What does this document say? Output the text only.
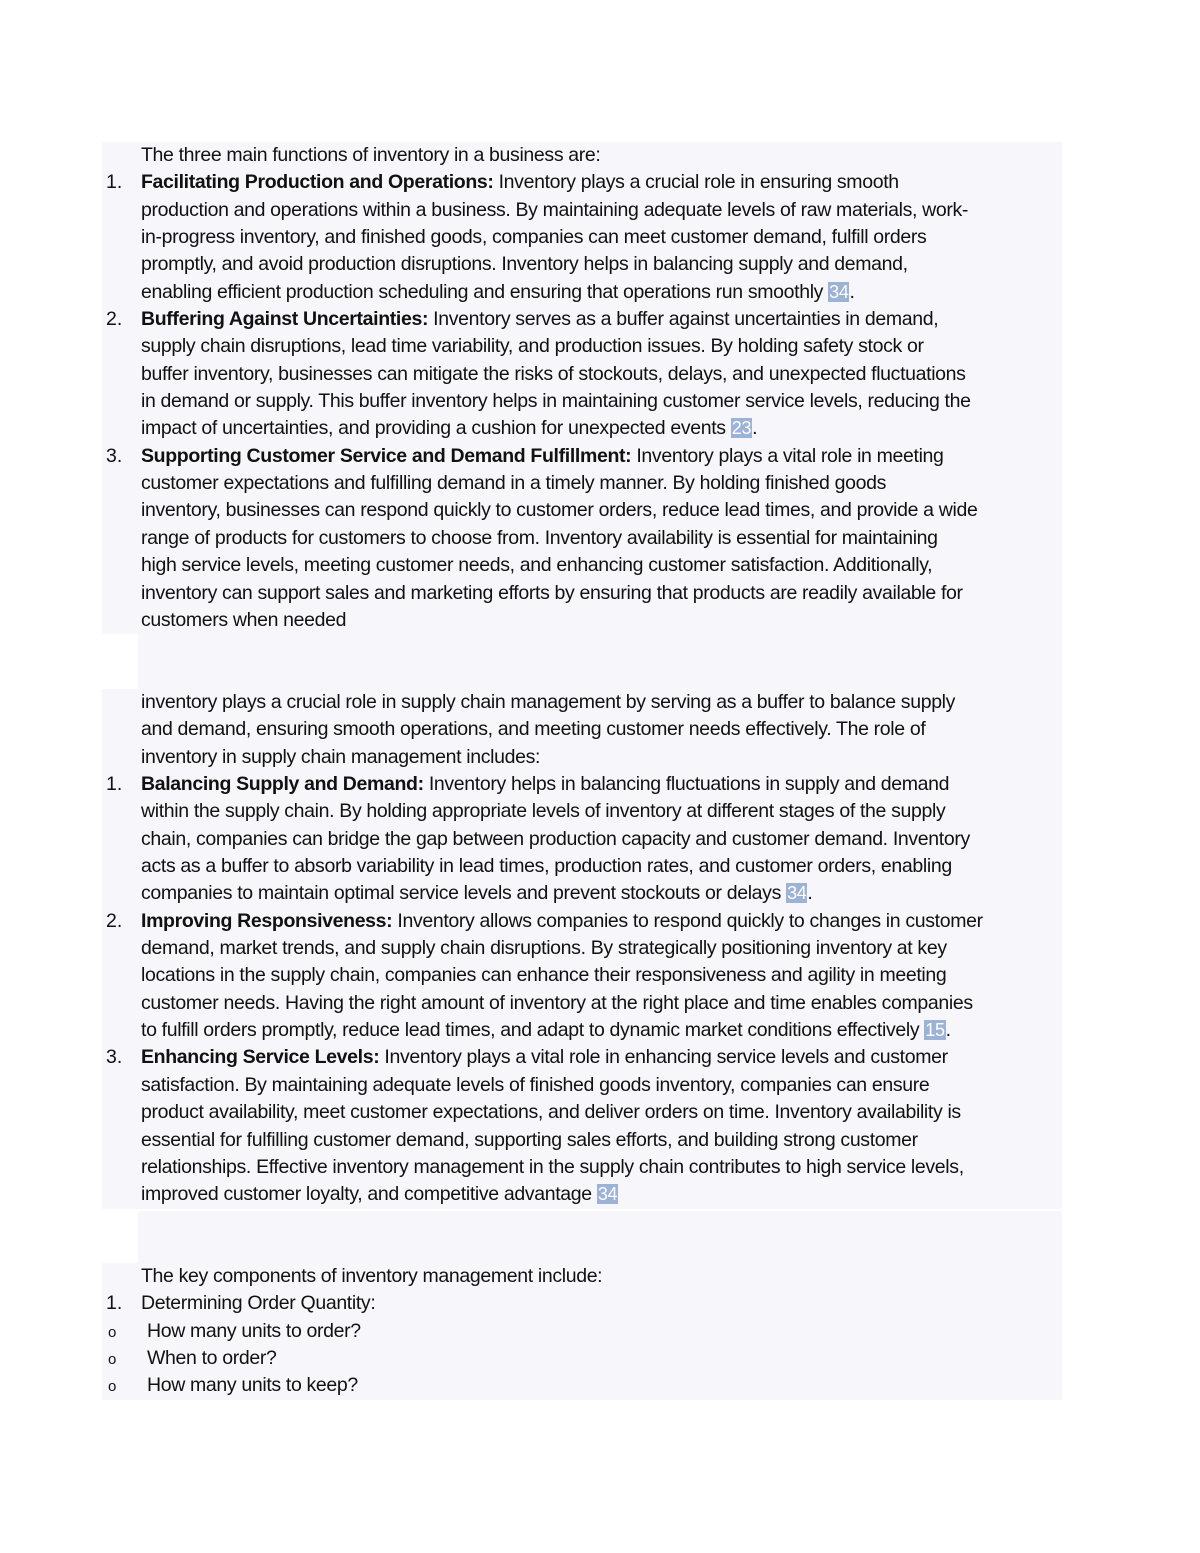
The three main functions of inventory in a business are:
1. Facilitating Production and Operations: Inventory plays a crucial role in ensuring smooth
production and operations within a business. By maintaining adequate levels of raw materials, work-
in-progress inventory, and finished goods, companies can meet customer demand, fulfill orders
promptly, and avoid production disruptions. Inventory helps in balancing supply and demand,
enabling efficient production scheduling and ensuring that operations run smoothly 34.
2. Buffering Against Uncertainties: Inventory serves as a buffer against uncertainties in demand,
supply chain disruptions, lead time variability, and production issues. By holding safety stock or
buffer inventory, businesses can mitigate the risks of stockouts, delays, and unexpected fluctuations
in demand or supply. This buffer inventory helps in maintaining customer service levels, reducing the
impact of uncertainties, and providing a cushion for unexpected events 23.
3. Supporting Customer Service and Demand Fulfillment: Inventory plays a vital role in meeting
customer expectations and fulfilling demand in a timely manner. By holding finished goods
inventory, businesses can respond quickly to customer orders, reduce lead times, and provide a wide
range of products for customers to choose from. Inventory availability is essential for maintaining
high service levels, meeting customer needs, and enhancing customer satisfaction. Additionally,
inventory can support sales and marketing efforts by ensuring that products are readily available for
customers when needed
inventory plays a crucial role in supply chain management by serving as a buffer to balance supply
and demand, ensuring smooth operations, and meeting customer needs effectively. The role of
inventory in supply chain management includes:
1. Balancing Supply and Demand: Inventory helps in balancing fluctuations in supply and demand
within the supply chain. By holding appropriate levels of inventory at different stages of the supply
chain, companies can bridge the gap between production capacity and customer demand. Inventory
acts as a buffer to absorb variability in lead times, production rates, and customer orders, enabling
companies to maintain optimal service levels and prevent stockouts or delays 34.
2. Improving Responsiveness: Inventory allows companies to respond quickly to changes in customer
demand, market trends, and supply chain disruptions. By strategically positioning inventory at key
locations in the supply chain, companies can enhance their responsiveness and agility in meeting
customer needs. Having the right amount of inventory at the right place and time enables companies
to fulfill orders promptly, reduce lead times, and adapt to dynamic market conditions effectively 15.
3. Enhancing Service Levels: Inventory plays a vital role in enhancing service levels and customer
satisfaction. By maintaining adequate levels of finished goods inventory, companies can ensure
product availability, meet customer expectations, and deliver orders on time. Inventory availability is
essential for fulfilling customer demand, supporting sales efforts, and building strong customer
relationships. Effective inventory management in the supply chain contributes to high service levels,
improved customer loyalty, and competitive advantage 34
The key components of inventory management include:
1. Determining Order Quantity:
o How many units to order?
o When to order?
o How many units to keep?
